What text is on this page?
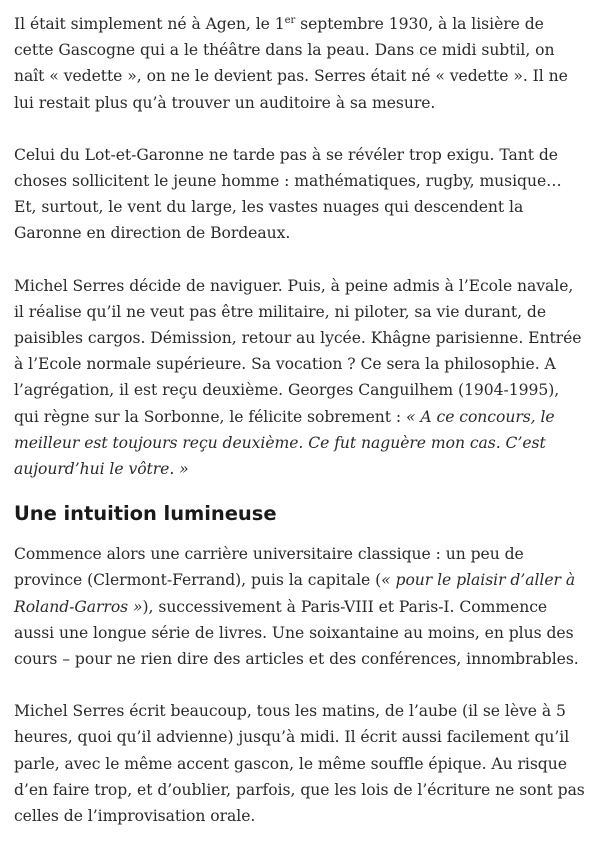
Il était simplement né à Agen, le 1er septembre 1930, à la lisière de cette Gascogne qui a le théâtre dans la peau. Dans ce midi subtil, on naît « vedette », on ne le devient pas. Serres était né « vedette ». Il ne lui restait plus qu’à trouver un auditoire à sa mesure.

Celui du Lot-et-Garonne ne tarde pas à se révéler trop exigu. Tant de choses sollicitent le jeune homme : mathématiques, rugby, musique… Et, surtout, le vent du large, les vastes nuages qui descendent la Garonne en direction de Bordeaux.

Michel Serres décide de naviguer. Puis, à peine admis à l’Ecole navale, il réalise qu’il ne veut pas être militaire, ni piloter, sa vie durant, de paisibles cargos. Démission, retour au lycée. Khâgne parisienne. Entrée à l’Ecole normale supérieure. Sa vocation ? Ce sera la philosophie. A l’agrégation, il est reçu deuxième. Georges Canguilhem (1904-1995), qui règne sur la Sorbonne, le félicite sobrement : « A ce concours, le meilleur est toujours reçu deuxième. Ce fut naguère mon cas. C’est aujourd’hui le vôtre. »

Une intuition lumineuse

Commence alors une carrière universitaire classique : un peu de province (Clermont-Ferrand), puis la capitale (« pour le plaisir d’aller à Roland-Garros »), successivement à Paris-VIII et Paris-I. Commence aussi une longue série de livres. Une soixantaine au moins, en plus des cours – pour ne rien dire des articles et des conférences, innombrables.

Michel Serres écrit beaucoup, tous les matins, de l’aube (il se lève à 5 heures, quoi qu’il advienne) jusqu’à midi. Il écrit aussi facilement qu’il parle, avec le même accent gascon, le même souffle épique. Au risque d’en faire trop, et d’oublier, parfois, que les lois de l’écriture ne sont pas celles de l’improvisation orale.
